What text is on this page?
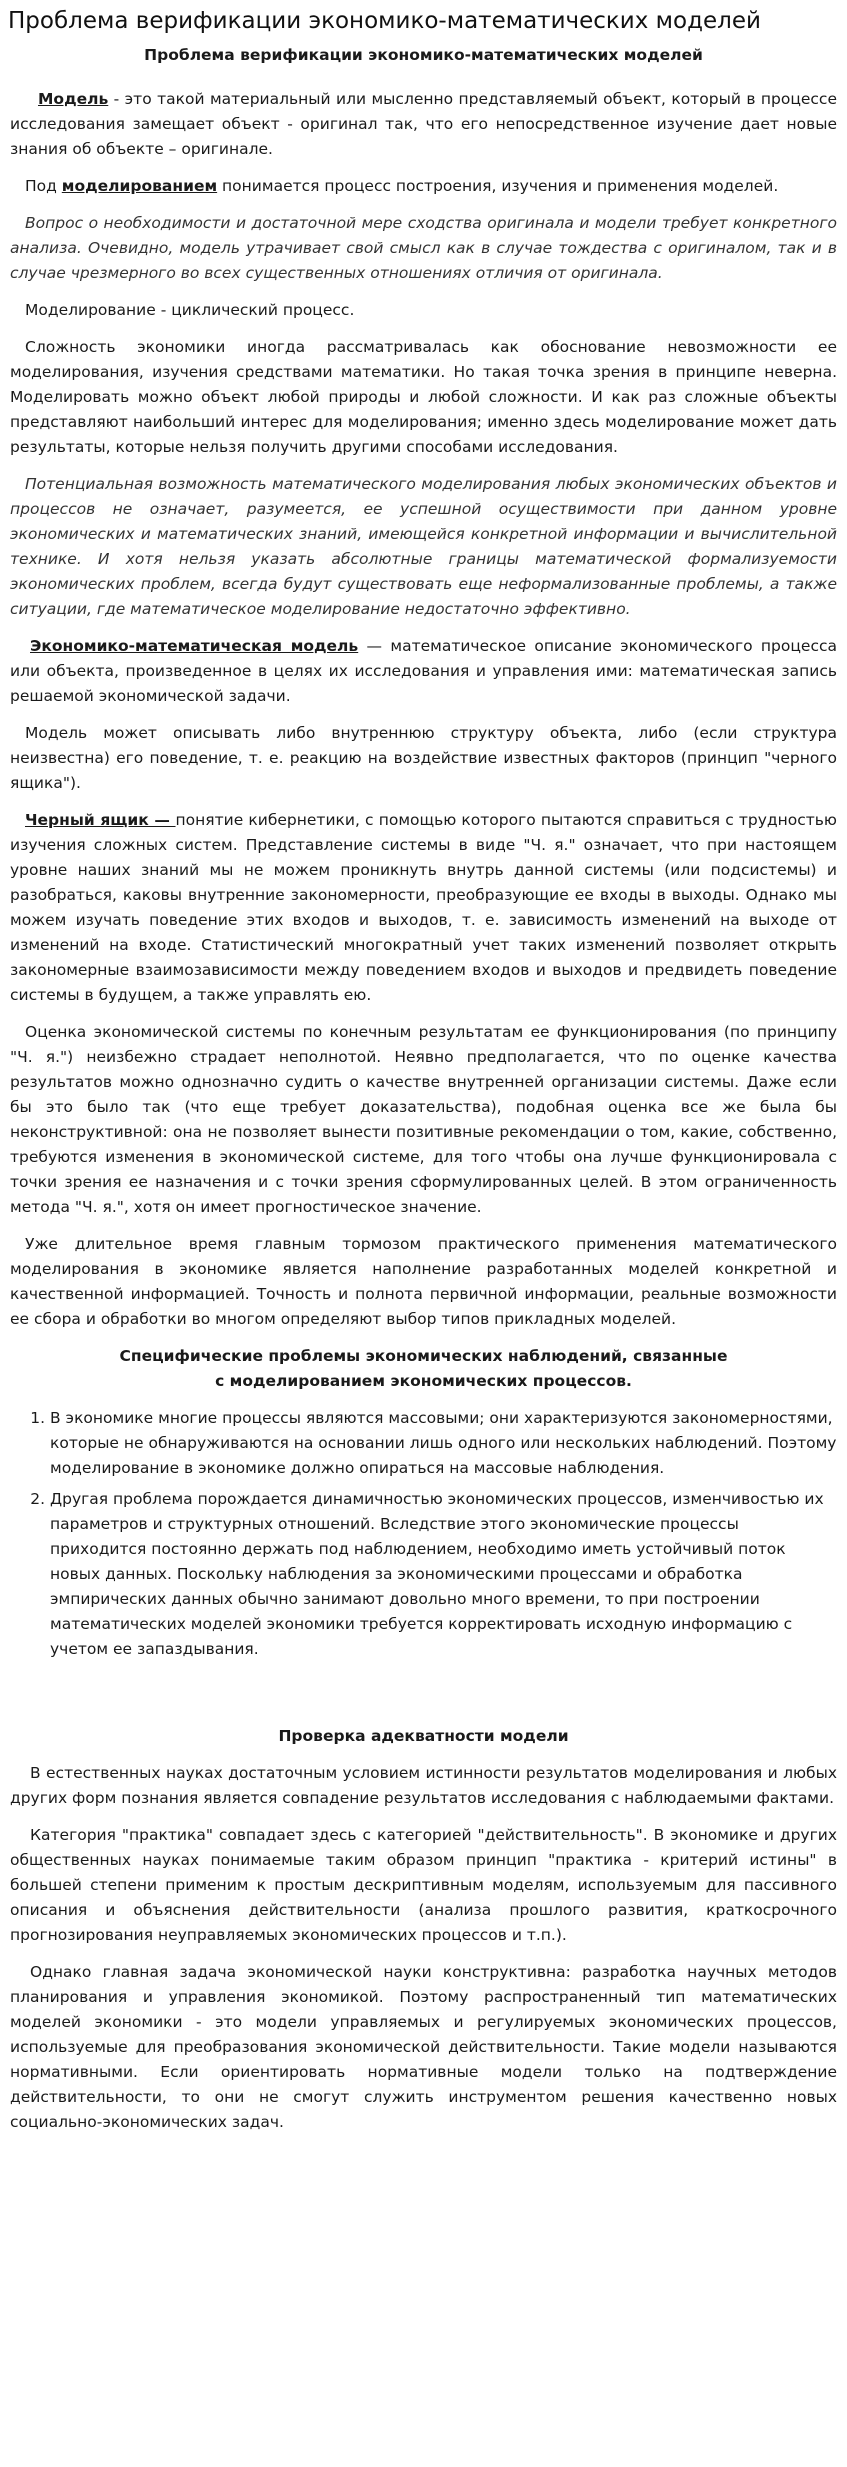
Проблема верификации экономико-математических моделей
Проблема верификации экономико-математических моделей

Модель - это такой материальный или мысленно представляемый объект, который в процессе исследования замещает объект - оригинал так, что его непосредственное изучение дает новые знания об объекте – оригинале.

Под моделированием понимается процесс построения, изучения и применения моделей.

Вопрос о необходимости и достаточной мере сходства оригинала и модели требует конкретного анализа. Очевидно, модель утрачивает свой смысл как в случае тождества с оригиналом, так и в случае чрезмерного во всех существенных отношениях отличия от оригинала.

Моделирование - циклический процесс.

Сложность экономики иногда рассматривалась как обоснование невозможности ее моделирования, изучения средствами математики. Но такая точка зрения в принципе неверна. Моделировать можно объект любой природы и любой сложности. И как раз сложные объекты представляют наибольший интерес для моделирования; именно здесь моделирование может дать результаты, которые нельзя получить другими способами исследования.

Потенциальная возможность математического моделирования любых экономических объектов и процессов не означает, разумеется, ее успешной осуществимости при данном уровне экономических и математических знаний, имеющейся конкретной информации и вычислительной технике. И хотя нельзя указать абсолютные границы математической формализуемости экономических проблем, всегда будут существовать еще неформализованные проблемы, а также ситуации, где математическое моделирование недостаточно эффективно.

Экономико-математическая модель — математическое описание экономического процесса или объекта, произведенное в целях их исследования и управления ими: математическая запись решаемой экономической задачи.

Модель может описывать либо внутреннюю структуру объекта, либо (если структура неизвестна) его поведение, т. е. реакцию на воздействие известных факторов (принцип "черного ящика").

Черный ящик — понятие кибернетики, с помощью которого пытаются справиться с трудностью изучения сложных систем. Представление системы в виде "Ч. я." означает, что при настоящем уровне наших знаний мы не можем проникнуть внутрь данной системы (или подсистемы) и разобраться, каковы внутренние закономерности, преобразующие ее входы в выходы. Однако мы можем изучать поведение этих входов и выходов, т. е. зависимость изменений на выходе от изменений на входе. Статистический многократный учет таких изменений позволяет открыть закономерные взаимозависимости между поведением входов и выходов и предвидеть поведение системы в будущем, а также управлять ею.

Оценка экономической системы по конечным результатам ее функционирования (по принципу "Ч. я.") неизбежно страдает неполнотой. Неявно предполагается, что по оценке качества результатов можно однозначно судить о качестве внутренней организации системы. Даже если бы это было так (что еще требует доказательства), подобная оценка все же была бы неконструктивной: она не позволяет вынести позитивные рекомендации о том, какие, собственно, требуются изменения в экономической системе, для того чтобы она лучше функционировала с точки зрения ее назначения и с точки зрения сформулированных целей. В этом ограниченность метода "Ч. я.", хотя он имеет прогностическое значение.

Уже длительное время главным тормозом практического применения математического моделирования в экономике является наполнение разработанных моделей конкретной и качественной информацией. Точность и полнота первичной информации, реальные возможности ее сбора и обработки во многом определяют выбор типов прикладных моделей.

Специфические проблемы экономических наблюдений, связанные
с моделированием экономических процессов.
1. В экономике многие процессы являются массовыми; они характеризуются закономерностями, которые не обнаруживаются на основании лишь одного или нескольких наблюдений. Поэтому моделирование в экономике должно опираться на массовые наблюдения.
2. Другая проблема порождается динамичностью экономических процессов, изменчивостью их параметров и структурных отношений. Вследствие этого экономические процессы приходится постоянно держать под наблюдением, необходимо иметь устойчивый поток новых данных. Поскольку наблюдения за экономическими процессами и обработка эмпирических данных обычно занимают довольно много времени, то при построении математических моделей экономики требуется корректировать исходную информацию с учетом ее запаздывания.
Проверка адекватности модели

В естественных науках достаточным условием истинности результатов моделирования и любых других форм познания является совпадение результатов исследования с наблюдаемыми фактами.

Категория "практика" совпадает здесь с категорией "действительность". В экономике и других общественных науках понимаемые таким образом принцип "практика - критерий истины" в большей степени применим к простым дескриптивным моделям, используемым для пассивного описания и объяснения действительности (анализа прошлого развития, краткосрочного прогнозирования неуправляемых экономических процессов и т.п.).

Однако главная задача экономической науки конструктивна: разработка научных методов планирования и управления экономикой. Поэтому распространенный тип математических моделей экономики - это модели управляемых и регулируемых экономических процессов, используемые для преобразования экономической действительности. Такие модели называются нормативными. Если ориентировать нормативные модели только на подтверждение действительности, то они не смогут служить инструментом решения качественно новых социально-экономических задач.
